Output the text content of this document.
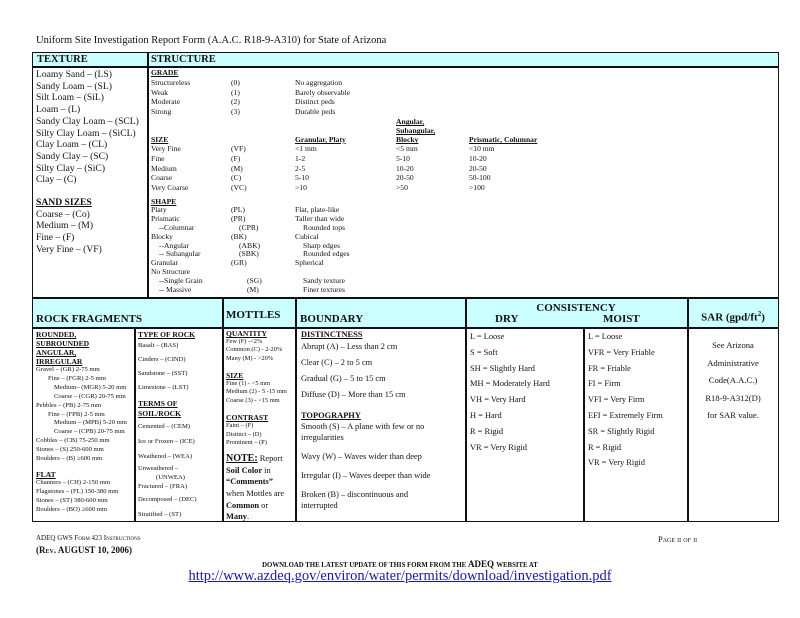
Uniform Site Investigation Report Form (A.A.C. R18-9-A310) for State of Arizona
TEXTURE	STRUCTURE
Loamy Sand – (LS)
Sandy Loam – (SL)
Silt Loam – (SiL)
Loam – (L)
Sandy Clay Loam – (SCL)
Silty Clay Loam – (SiCL)
Clay Loam – (CL)
Sandy Clay – (SC)
Silty Clay – (SiC)
Clay – (C)
SAND SIZES
Coarse – (Co)
Medium – (M)
Fine – (F)
Very Fine – (VF)
GRADE				
Structureless	(0)	No aggregation		
Weak	(1)	Barely observable		
Moderate	(2)	Distinct peds		
Strong	(3)	Durable peds		
SIZE		Granular, Platy	Angular,
Subangular,
Blocky	Prismatic, Columnar
Very Fine	(VF)	<1 mm	<5 mm	<10 mm
Fine	(F)	1-2	5-10	10-20
Medium	(M)	2-5	10-20	20-50
Coarse	(C)	5-10	20-50	50-100
Very Coarse	(VC)	>10	>50	>100
SHAPE				
Platy	(PL)	Flat, plate-like		
Prismatic	(PR)	Taller than wide		
--Columnar	(CPR)	Rounded tops		
Blocky	(BK)	Cubical		
--Angular	(ABK)	Sharp edges		
-- Subangular	(SBK)	Rounded edges		
Granular	(GR)	Spherical		
No Structure				
--Single Grain	(SG)	Sandy texture		
-- Massive	(M)	Finer textures		
ROCK FRAGMENTS	MOTTLES BOUNDARY
CONSISTENCY
DRY	MOIST	SAR $(gpd/ft^2)$
ROUNDED,
SUBROUNDED
ANGULAR,
IRREGULAR
Gravel – (GR) 2-75 mm
Fine – (FGR) 2-5 mm
Medium– (MGR) 5-20 mm
Coarse – (CGR) 20-75 mm
Pebbles – (PB) 2-75 mm
Fine – (FPB) 2-5 mm
Medium – (MPB) 5-20 mm
Coarse – (CPB) 20-75 mm
Cobbles – (CB) 75-250 mm
Stones – (S) 250-600 mm
Boulders – (B) ≥600 mm
FLAT
Channers – (CH) 2-150 mm
Flagstones – (FL) 150-380 mm
Stones – (ST) 380-600 mm
Boulders – (BO) ≥600 mm
TYPE OF ROCK
Basalt – (BAS)
Cinders – (CIND)
Sandstone – (SST)
Limestone – (LST)
TERMS OF
SOIL/ROCK
Cemented – (CEM)
Ice or Frozen – (ICE)
Weathered – (WEA)
Unweathered –
(UNWEA)
Fractured – (FRA)
Decomposed – (DEC)
Stratified – (ST)
QUANTITY
Few (F) -<2%
Common (C) - 2-20%
Many (M) - >20%
SIZE
Fine (1) - <5 mm
Medium (2) - 5 -15 mm
Coarse (3) - >15 mm
CONTRAST
Faint – (F)
Distinct – (D)
Prominent – (P)
NOTE: Report
Soil Color in
“Comments”
when Mottles are
Common or
Many.
DISTINCTNESS
Abrupt (A) – Less than 2 cm
Clear (C) – 2 to 5 cm
Gradual (G) – 5 to 15 cm
Diffuse (D) – More than 15 cm
TOPOGRAPHY
Smooth (S) – A plane with few or no
irregularities
Wavy (W) – Waves wider than deep
Irregular (I) – Waves deeper than wide
Broken (B) – discontinuous and
interrupted
L = Loose
S = Soft
SH = Slightly Hard
MH = Moderately Hard
VH = Very Hard
H = Hard
R = Rigid
VR = Very Rigid
L = Loose
VFR = Very Friable
FR = Friable
FI = Firm
VFI = Very Firm
EFI = Extremely Firm
SR = Slightly Rigid
R = Rigid
VR = Very Rigid
See Arizona
Administrative
Code(A.A.C.)
R18-9-A312(D)
for SAR value.
ADEQ GWS Form 423 Instructions
(Rev. AUGUST 10, 2006)
Page ii of ii
DOWNLOAD THE LATEST UPDATE OF THIS FORM FROM THE ADEQ WEBSITE AT
http://www.azdeq.gov/environ/water/permits/download/investigation.pdf
